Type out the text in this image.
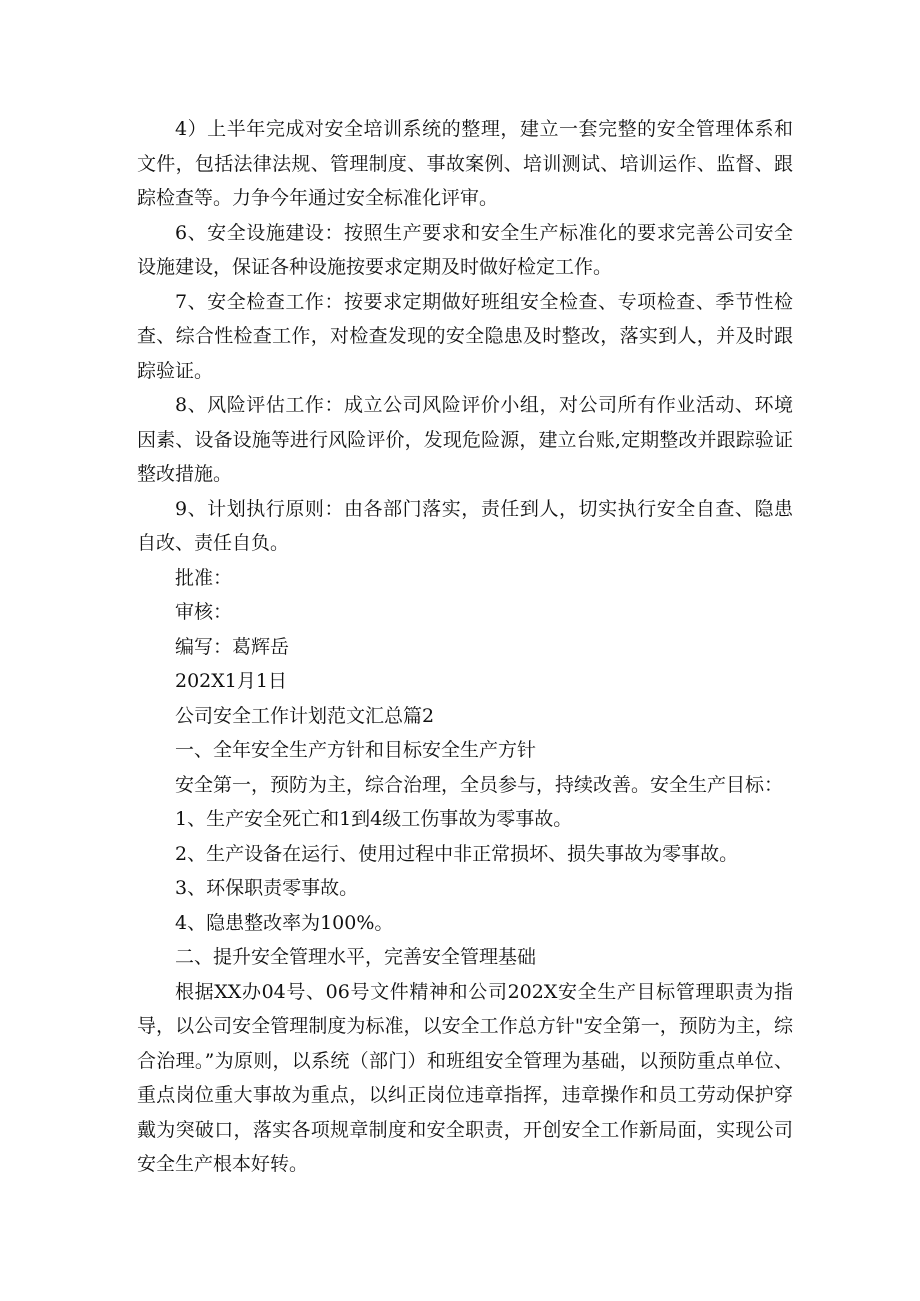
4）上半年完成对安全培训系统的整理，建立一套完整的安全管理体系和文件，包括法律法规、管理制度、事故案例、培训测试、培训运作、监督、跟踪检查等。力争今年通过安全标准化评审。

6、安全设施建设：按照生产要求和安全生产标准化的要求完善公司安全设施建设，保证各种设施按要求定期及时做好检定工作。

7、安全检查工作：按要求定期做好班组安全检查、专项检查、季节性检查、综合性检查工作，对检查发现的安全隐患及时整改，落实到人，并及时跟踪验证。

8、风险评估工作：成立公司风险评价小组，对公司所有作业活动、环境因素、设备设施等进行风险评价，发现危险源，建立台账,定期整改并跟踪验证整改措施。

9、计划执行原则：由各部门落实，责任到人，切实执行安全自查、隐患自改、责任自负。

批准：

审核：

编写：葛辉岳

202X1月1日

公司安全工作计划范文汇总篇2

一、全年安全生产方针和目标安全生产方针

安全第一，预防为主，综合治理，全员参与，持续改善。安全生产目标：

1、生产安全死亡和1到4级工伤事故为零事故。

2、生产设备在运行、使用过程中非正常损坏、损失事故为零事故。

3、环保职责零事故。

4、隐患整改率为100%。

二、提升安全管理水平，完善安全管理基础

根据XX办04号、06号文件精神和公司202X安全生产目标管理职责为指导，以公司安全管理制度为标准，以安全工作总方针"安全第一，预防为主，综合治理。”为原则，以系统（部门）和班组安全管理为基础，以预防重点单位、重点岗位重大事故为重点，以纠正岗位违章指挥，违章操作和员工劳动保护穿戴为突破口，落实各项规章制度和安全职责，开创安全工作新局面，实现公司安全生产根本好转。
